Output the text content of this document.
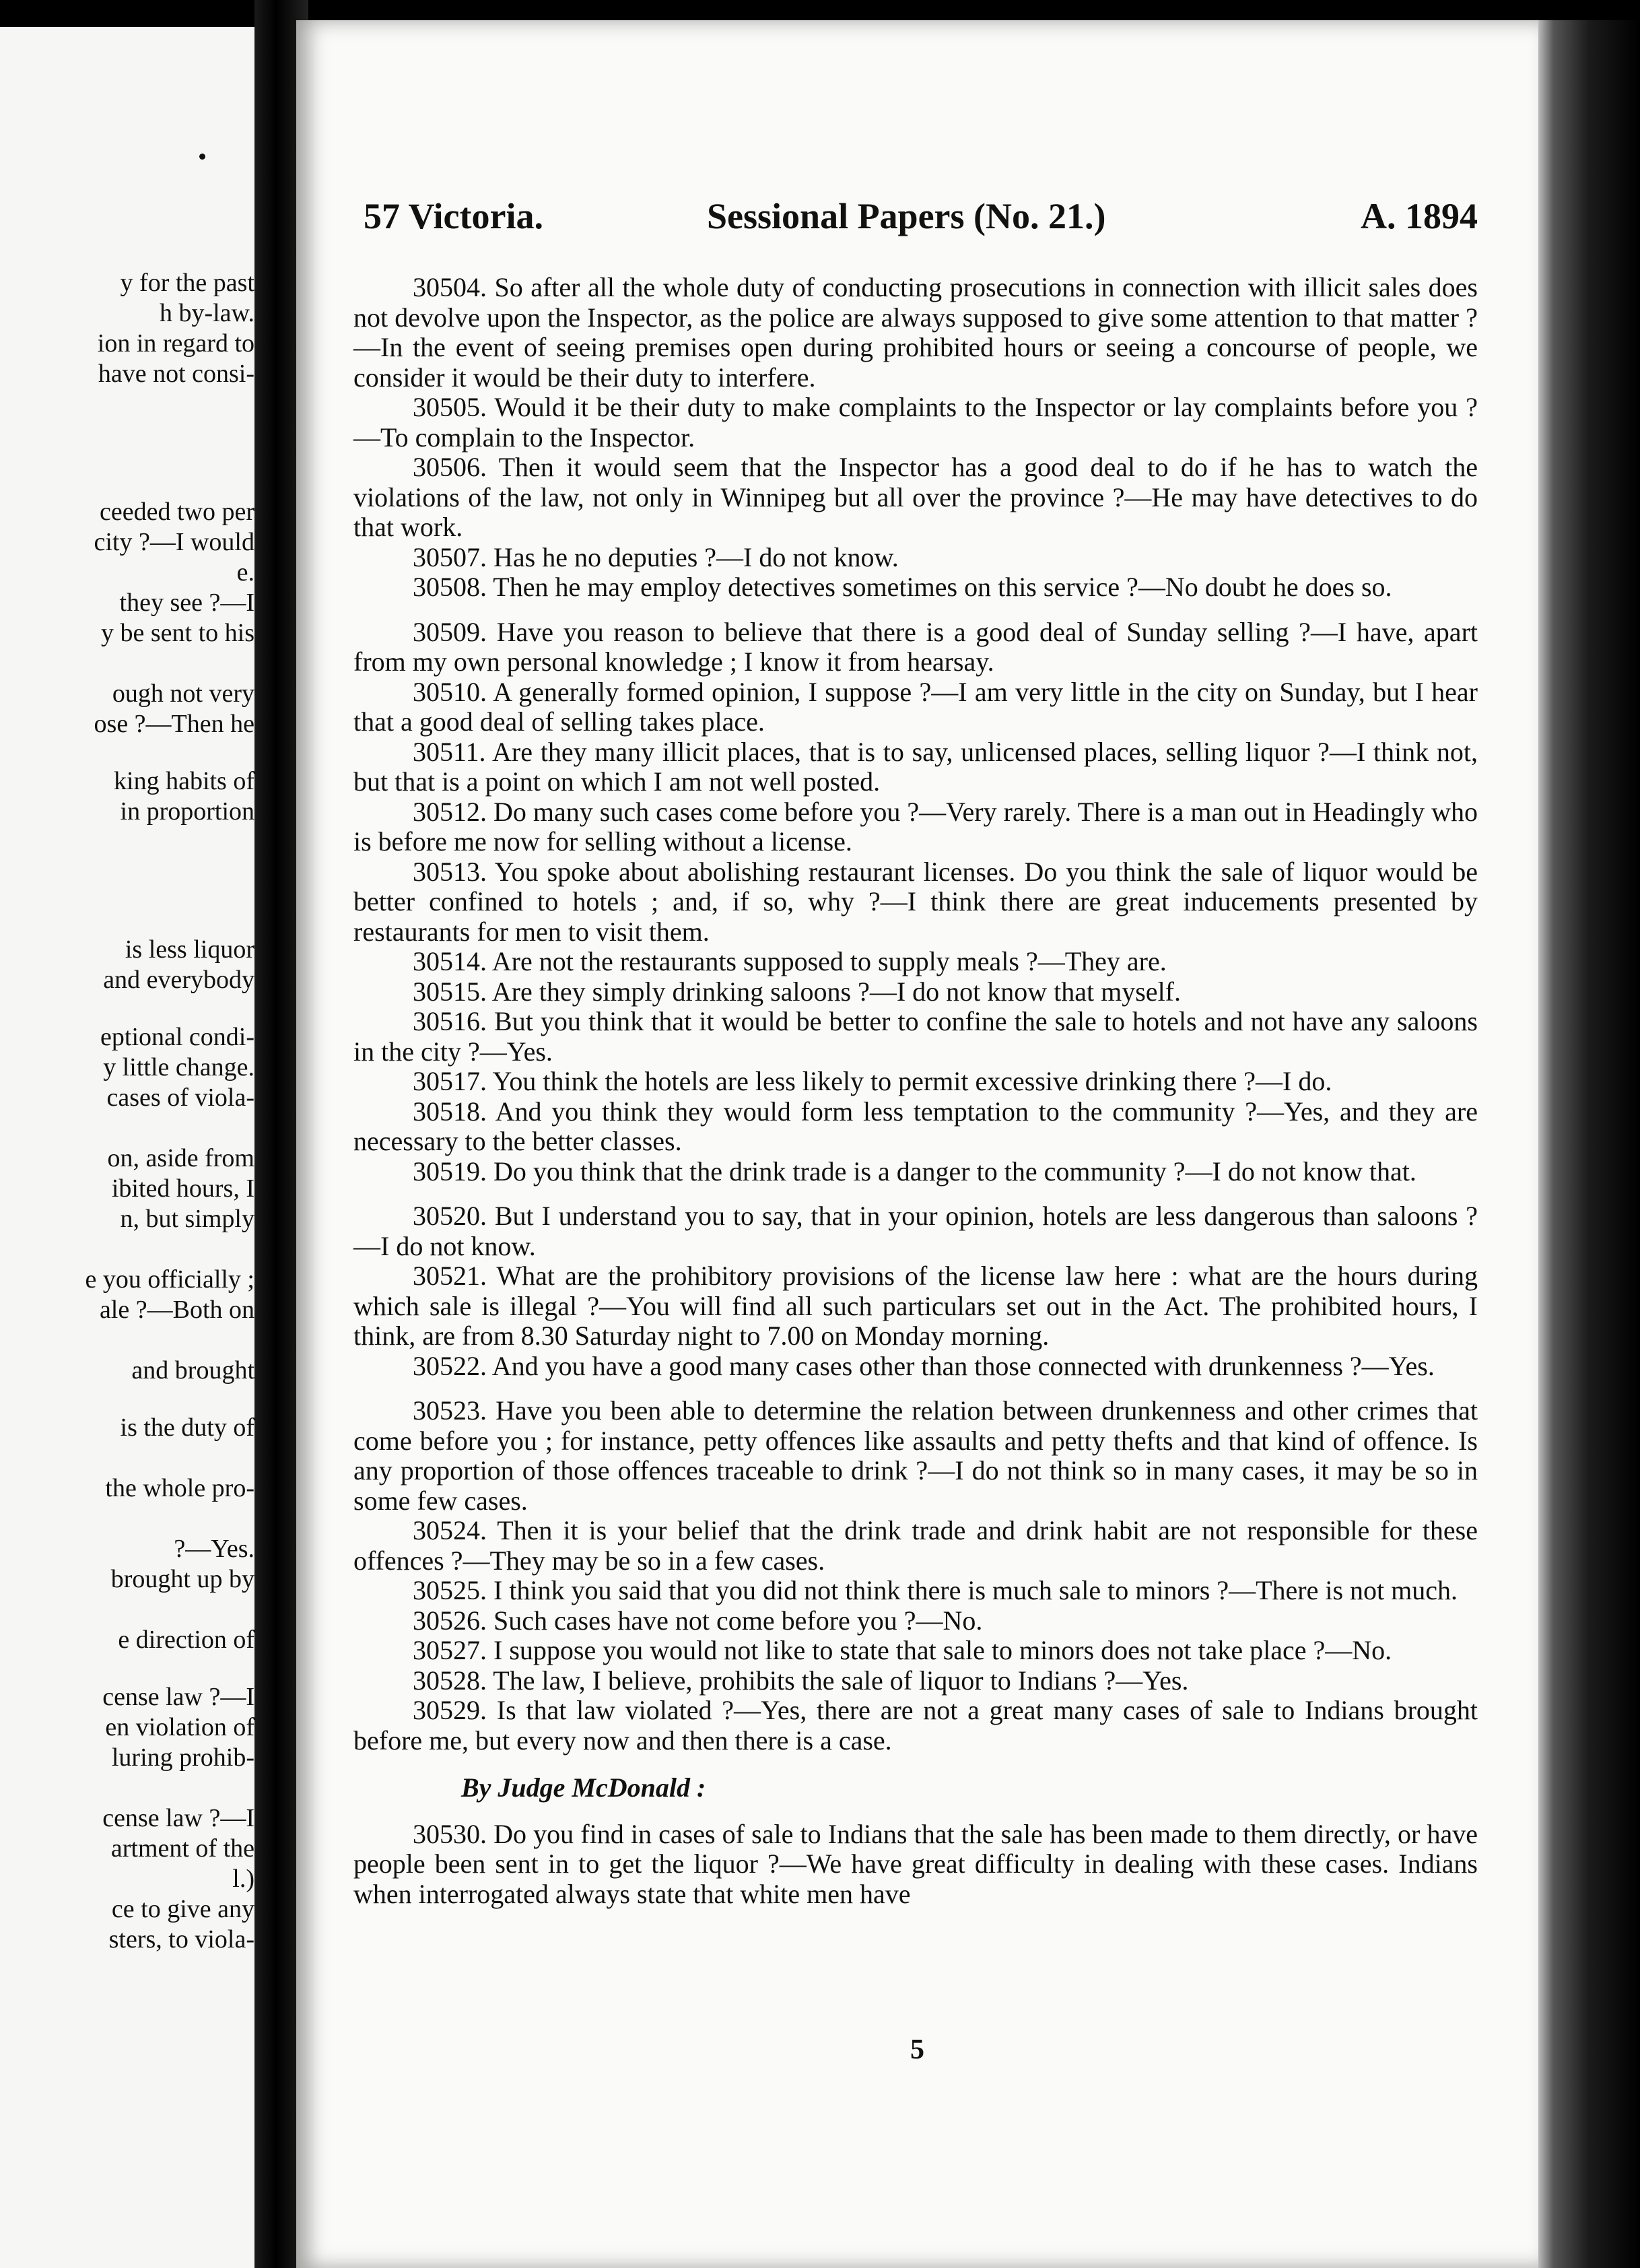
y for the past
h by-law.
ion in regard to
have not consi-
ceeded two per
city ?—I would
e.
they see ?—I
y be sent to his
ough not very
ose ?—Then he
king habits of
in proportion
is less liquor
and everybody
eptional condi-
y little change.
cases of viola-
on, aside from
ibited hours, I
n, but simply
e you officially ;
ale ?—Both on
and brought
is the duty of
the whole pro-
?—Yes.
brought up by
e direction of
cense law ?—I
en violation of
luring prohib-
cense law ?—I
artment of the
l.)
ce to give any
sters, to viola-
57 Victoria.	Sessional Papers (No. 21.)	A. 1894

30504. So after all the whole duty of conducting prosecutions in connection with illicit sales does not devolve upon the Inspector, as the police are always supposed to give some attention to that matter ?—In the event of seeing premises open during prohibited hours or seeing a concourse of people, we consider it would be their duty to interfere.

30505. Would it be their duty to make complaints to the Inspector or lay complaints before you ?—To complain to the Inspector.

30506. Then it would seem that the Inspector has a good deal to do if he has to watch the violations of the law, not only in Winnipeg but all over the province ?—He may have detectives to do that work.

30507. Has he no deputies ?—I do not know.

30508. Then he may employ detectives sometimes on this service ?—No doubt he does so.

30509. Have you reason to believe that there is a good deal of Sunday selling ?—I have, apart from my own personal knowledge ; I know it from hearsay.

30510. A generally formed opinion, I suppose ?—I am very little in the city on Sunday, but I hear that a good deal of selling takes place.

30511. Are they many illicit places, that is to say, unlicensed places, selling liquor ?—I think not, but that is a point on which I am not well posted.

30512. Do many such cases come before you ?—Very rarely. There is a man out in Headingly who is before me now for selling without a license.

30513. You spoke about abolishing restaurant licenses. Do you think the sale of liquor would be better confined to hotels ; and, if so, why ?—I think there are great inducements presented by restaurants for men to visit them.

30514. Are not the restaurants supposed to supply meals ?—They are.

30515. Are they simply drinking saloons ?—I do not know that myself.

30516. But you think that it would be better to confine the sale to hotels and not have any saloons in the city ?—Yes.

30517. You think the hotels are less likely to permit excessive drinking there ?—I do.

30518. And you think they would form less temptation to the community ?—Yes, and they are necessary to the better classes.

30519. Do you think that the drink trade is a danger to the community ?—I do not know that.

30520. But I understand you to say, that in your opinion, hotels are less dangerous than saloons ?—I do not know.

30521. What are the prohibitory provisions of the license law here : what are the hours during which sale is illegal ?—You will find all such particulars set out in the Act. The prohibited hours, I think, are from 8.30 Saturday night to 7.00 on Monday morning.

30522. And you have a good many cases other than those connected with drunkenness ?—Yes.

30523. Have you been able to determine the relation between drunkenness and other crimes that come before you ; for instance, petty offences like assaults and petty thefts and that kind of offence. Is any proportion of those offences traceable to drink ?—I do not think so in many cases, it may be so in some few cases.

30524. Then it is your belief that the drink trade and drink habit are not responsible for these offences ?—They may be so in a few cases.

30525. I think you said that you did not think there is much sale to minors ?—There is not much.

30526. Such cases have not come before you ?—No.

30527. I suppose you would not like to state that sale to minors does not take place ?—No.

30528. The law, I believe, prohibits the sale of liquor to Indians ?—Yes.

30529. Is that law violated ?—Yes, there are not a great many cases of sale to Indians brought before me, but every now and then there is a case.

By Judge McDonald :

30530. Do you find in cases of sale to Indians that the sale has been made to them directly, or have people been sent in to get the liquor ?—We have great difficulty in dealing with these cases. Indians when interrogated always state that white men have

5
